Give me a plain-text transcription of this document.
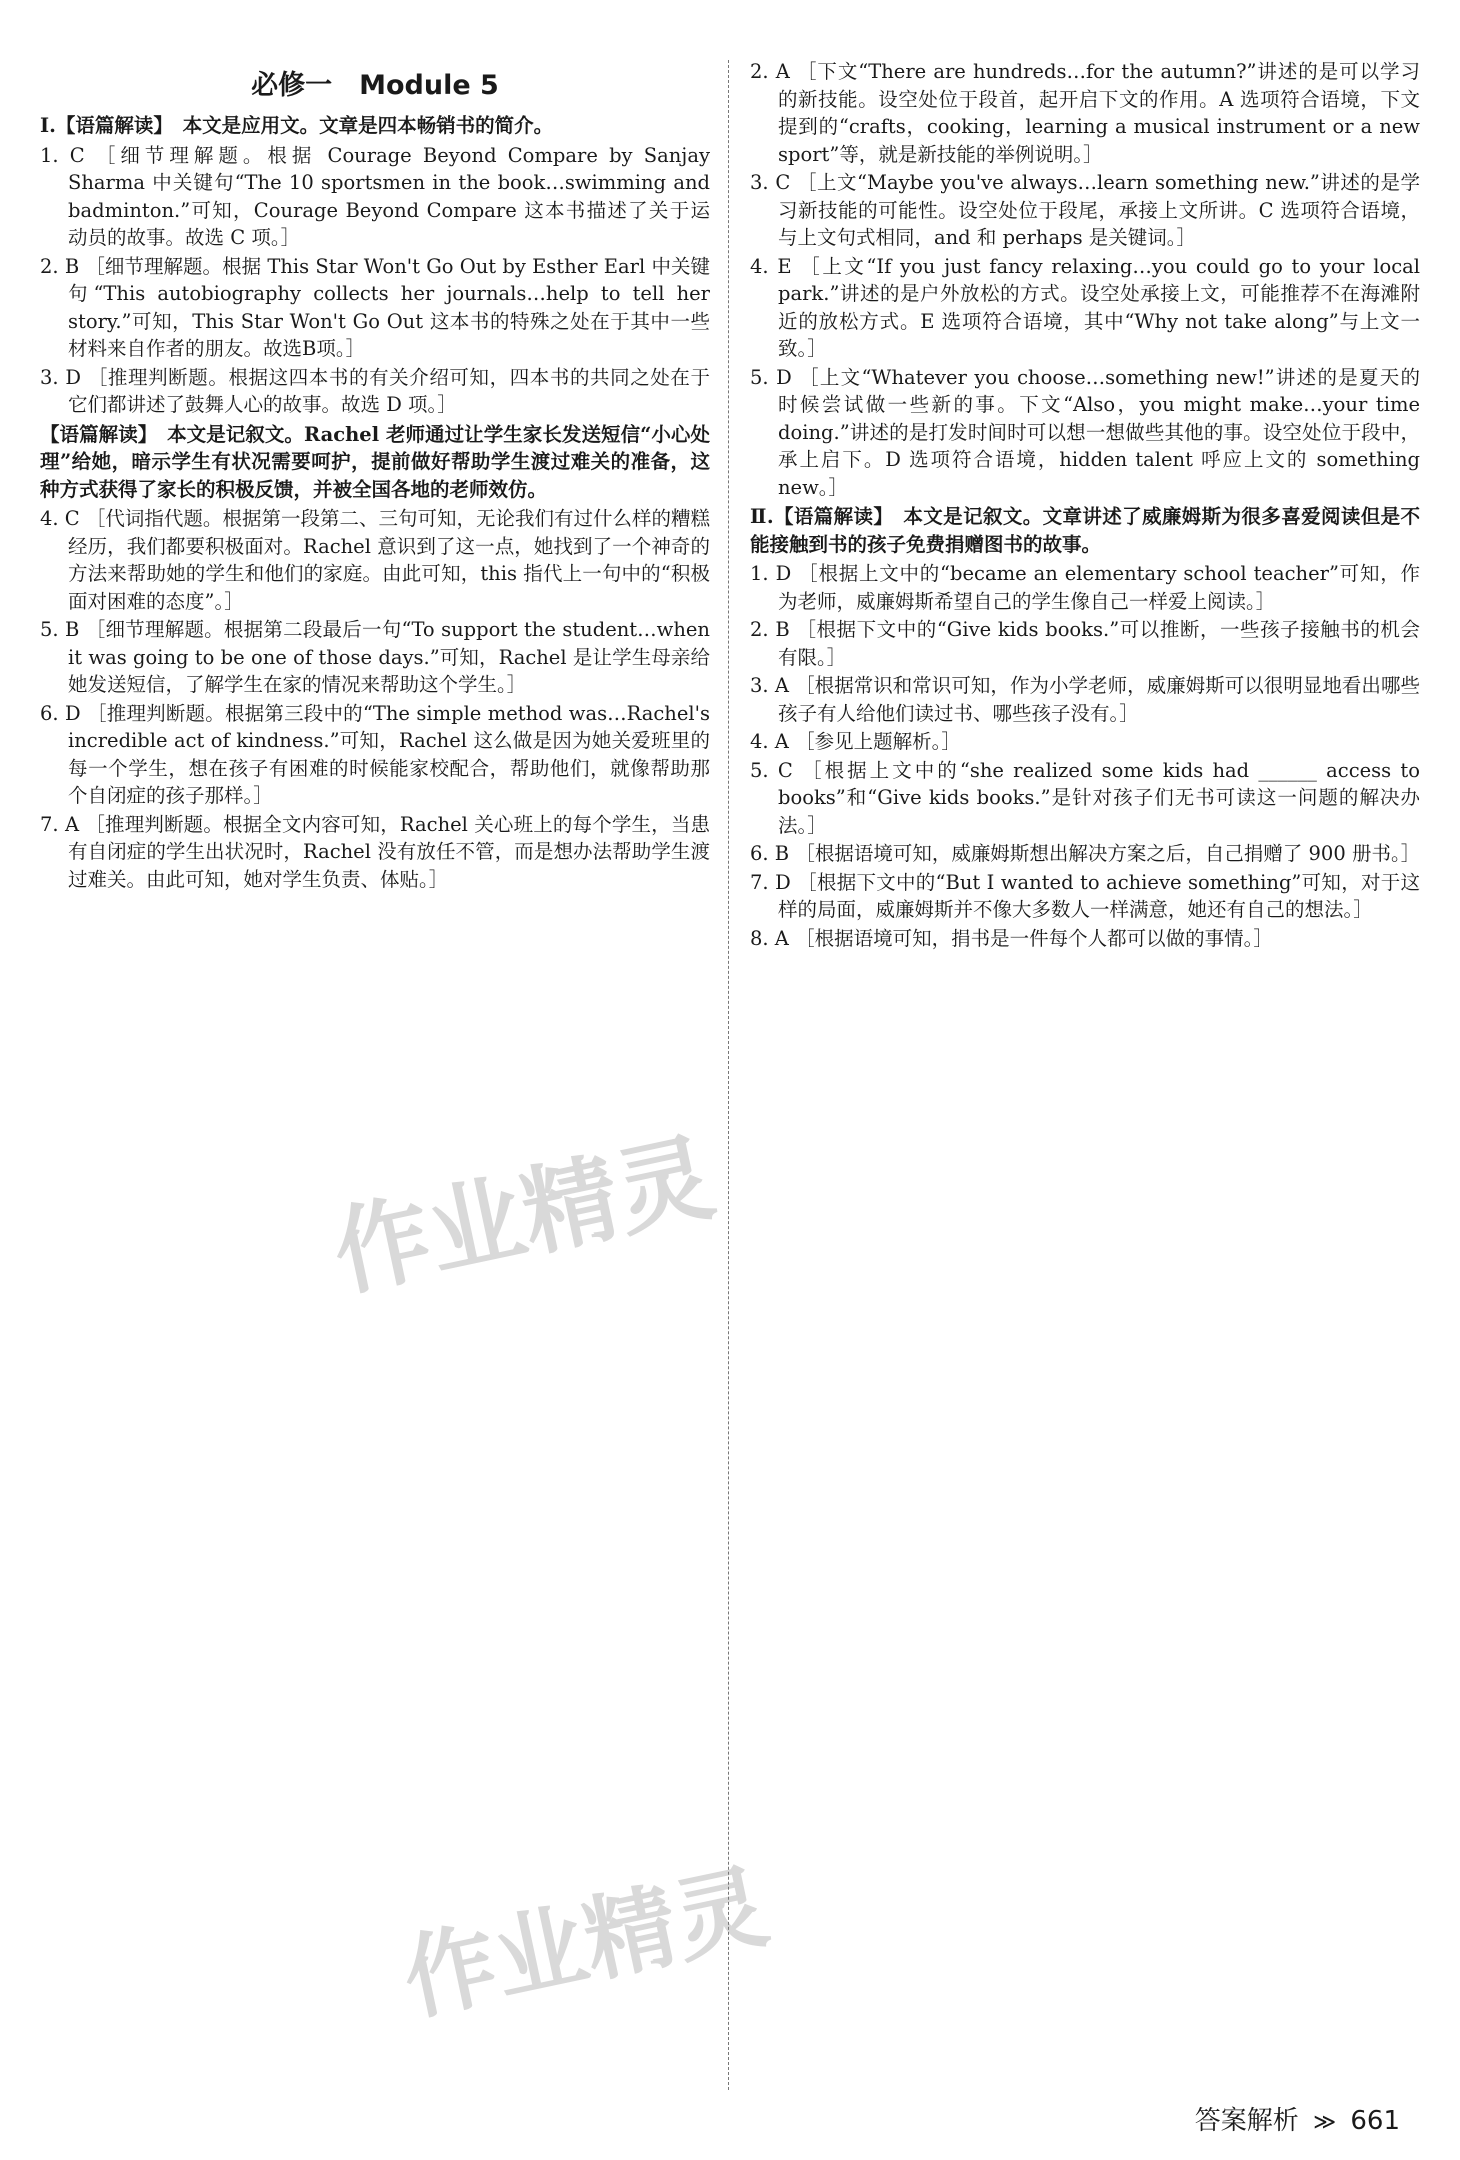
必修一　Module 5
Ⅰ.【语篇解读】　本文是应用文。文章是四本畅销书的简介。
1. C ［细节理解题。根据 Courage Beyond Compare by Sanjay Sharma 中关键句“The 10 sportsmen in the book…swimming and badminton.”可知，Courage Beyond Compare 这本书描述了关于运动员的故事。故选 C 项。］
2. B ［细节理解题。根据 This Star Won't Go Out by Esther Earl 中关键句“This autobiography collects her journals…help to tell her story.”可知，This Star Won't Go Out 这本书的特殊之处在于其中一些材料来自作者的朋友。故选B项。］
3. D ［推理判断题。根据这四本书的有关介绍可知，四本书的共同之处在于它们都讲述了鼓舞人心的故事。故选 D 项。］
【语篇解读】　本文是记叙文。Rachel 老师通过让学生家长发送短信“小心处理”给她，暗示学生有状况需要呵护，提前做好帮助学生渡过难关的准备，这种方式获得了家长的积极反馈，并被全国各地的老师效仿。
4. C ［代词指代题。根据第一段第二、三句可知，无论我们有过什么样的糟糕经历，我们都要积极面对。Rachel 意识到了这一点，她找到了一个神奇的方法来帮助她的学生和他们的家庭。由此可知，this 指代上一句中的“积极面对困难的态度”。］
5. B ［细节理解题。根据第二段最后一句“To support the student…when it was going to be one of those days.”可知，Rachel 是让学生母亲给她发送短信，了解学生在家的情况来帮助这个学生。］
6. D ［推理判断题。根据第三段中的“The simple method was…Rachel's incredible act of kindness.”可知，Rachel 这么做是因为她关爱班里的每一个学生，想在孩子有困难的时候能家校配合，帮助他们，就像帮助那个自闭症的孩子那样。］
7. A ［推理判断题。根据全文内容可知，Rachel 关心班上的每个学生，当患有自闭症的学生出状况时，Rachel 没有放任不管，而是想办法帮助学生渡过难关。由此可知，她对学生负责、体贴。］
2. A ［下文“There are hundreds…for the autumn?”讲述的是可以学习的新技能。设空处位于段首，起开启下文的作用。A 选项符合语境，下文提到的“crafts，cooking，learning a musical instrument or a new sport”等，就是新技能的举例说明。］
3. C ［上文“Maybe you've always…learn something new.”讲述的是学习新技能的可能性。设空处位于段尾，承接上文所讲。C 选项符合语境，与上文句式相同，and 和 perhaps 是关键词。］
4. E ［上文“If you just fancy relaxing…you could go to your local park.”讲述的是户外放松的方式。设空处承接上文，可能推荐不在海滩附近的放松方式。E 选项符合语境，其中“Why not take along”与上文一致。］
5. D ［上文“Whatever you choose…something new!”讲述的是夏天的时候尝试做一些新的事。下文“Also，you might make…your time doing.”讲述的是打发时间时可以想一想做些其他的事。设空处位于段中，承上启下。D 选项符合语境，hidden talent 呼应上文的 something new。］
Ⅱ.【语篇解读】　本文是记叙文。文章讲述了威廉姆斯为很多喜爱阅读但是不能接触到书的孩子免费捐赠图书的故事。
1. D ［根据上文中的“became an elementary school teacher”可知，作为老师，威廉姆斯希望自己的学生像自己一样爱上阅读。］
2. B ［根据下文中的“Give kids books.”可以推断，一些孩子接触书的机会有限。］
3. A ［根据常识和常识可知，作为小学老师，威廉姆斯可以很明显地看出哪些孩子有人给他们读过书、哪些孩子没有。］
4. A ［参见上题解析。］
5. C ［根据上文中的“she realized some kids had ______ access to books”和“Give kids books.”是针对孩子们无书可读这一问题的解决办法。］
6. B ［根据语境可知，威廉姆斯想出解决方案之后，自己捐赠了 900 册书。］
7. D ［根据下文中的“But I wanted to achieve something”可知，对于这样的局面，威廉姆斯并不像大多数人一样满意，她还有自己的想法。］
8. A ［根据语境可知，捐书是一件每个人都可以做的事情。］
作业精灵
作业精灵
答案解析 ≫ 661
